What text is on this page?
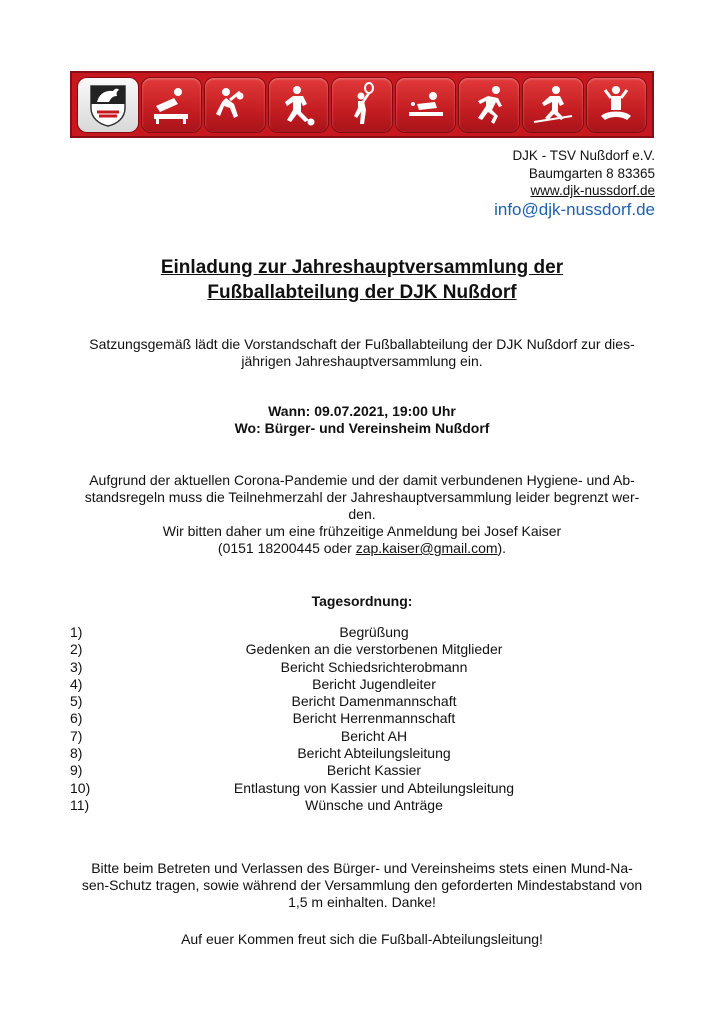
DJK - TSV Nußdorf e.V.
Baumgarten 8 83365
www.djk-nussdorf.de
info@djk-nussdorf.de
Einladung zur Jahreshauptversammlung der
Fußballabteilung der DJK Nußdorf
Satzungsgemäß lädt die Vorstandschaft der Fußballabteilung der DJK Nußdorf zur dies-
jährigen Jahreshauptversammlung ein.
Wann: 09.07.2021, 19:00 Uhr
Wo: Bürger- und Vereinsheim Nußdorf
Aufgrund der aktuellen Corona-Pandemie und der damit verbundenen Hygiene- und Ab-
standsregeln muss die Teilnehmerzahl der Jahreshauptversammlung leider begrenzt wer-
den.
Wir bitten daher um eine frühzeitige Anmeldung bei Josef Kaiser
(0151 18200445 oder zap.kaiser@gmail.com).
Tagesordnung:
1)	Begrüßung
2)	Gedenken an die verstorbenen Mitglieder
3)	Bericht Schiedsrichterobmann
4)	Bericht Jugendleiter
5)	Bericht Damenmannschaft
6)	Bericht Herrenmannschaft
7)	Bericht AH
8)	Bericht Abteilungsleitung
9)	Bericht Kassier
10)	Entlastung von Kassier und Abteilungsleitung
11)	Wünsche und Anträge
Bitte beim Betreten und Verlassen des Bürger- und Vereinsheims stets einen Mund-Na-
sen-Schutz tragen, sowie während der Versammlung den geforderten Mindestabstand von
1,5 m einhalten. Danke!
Auf euer Kommen freut sich die Fußball-Abteilungsleitung!
